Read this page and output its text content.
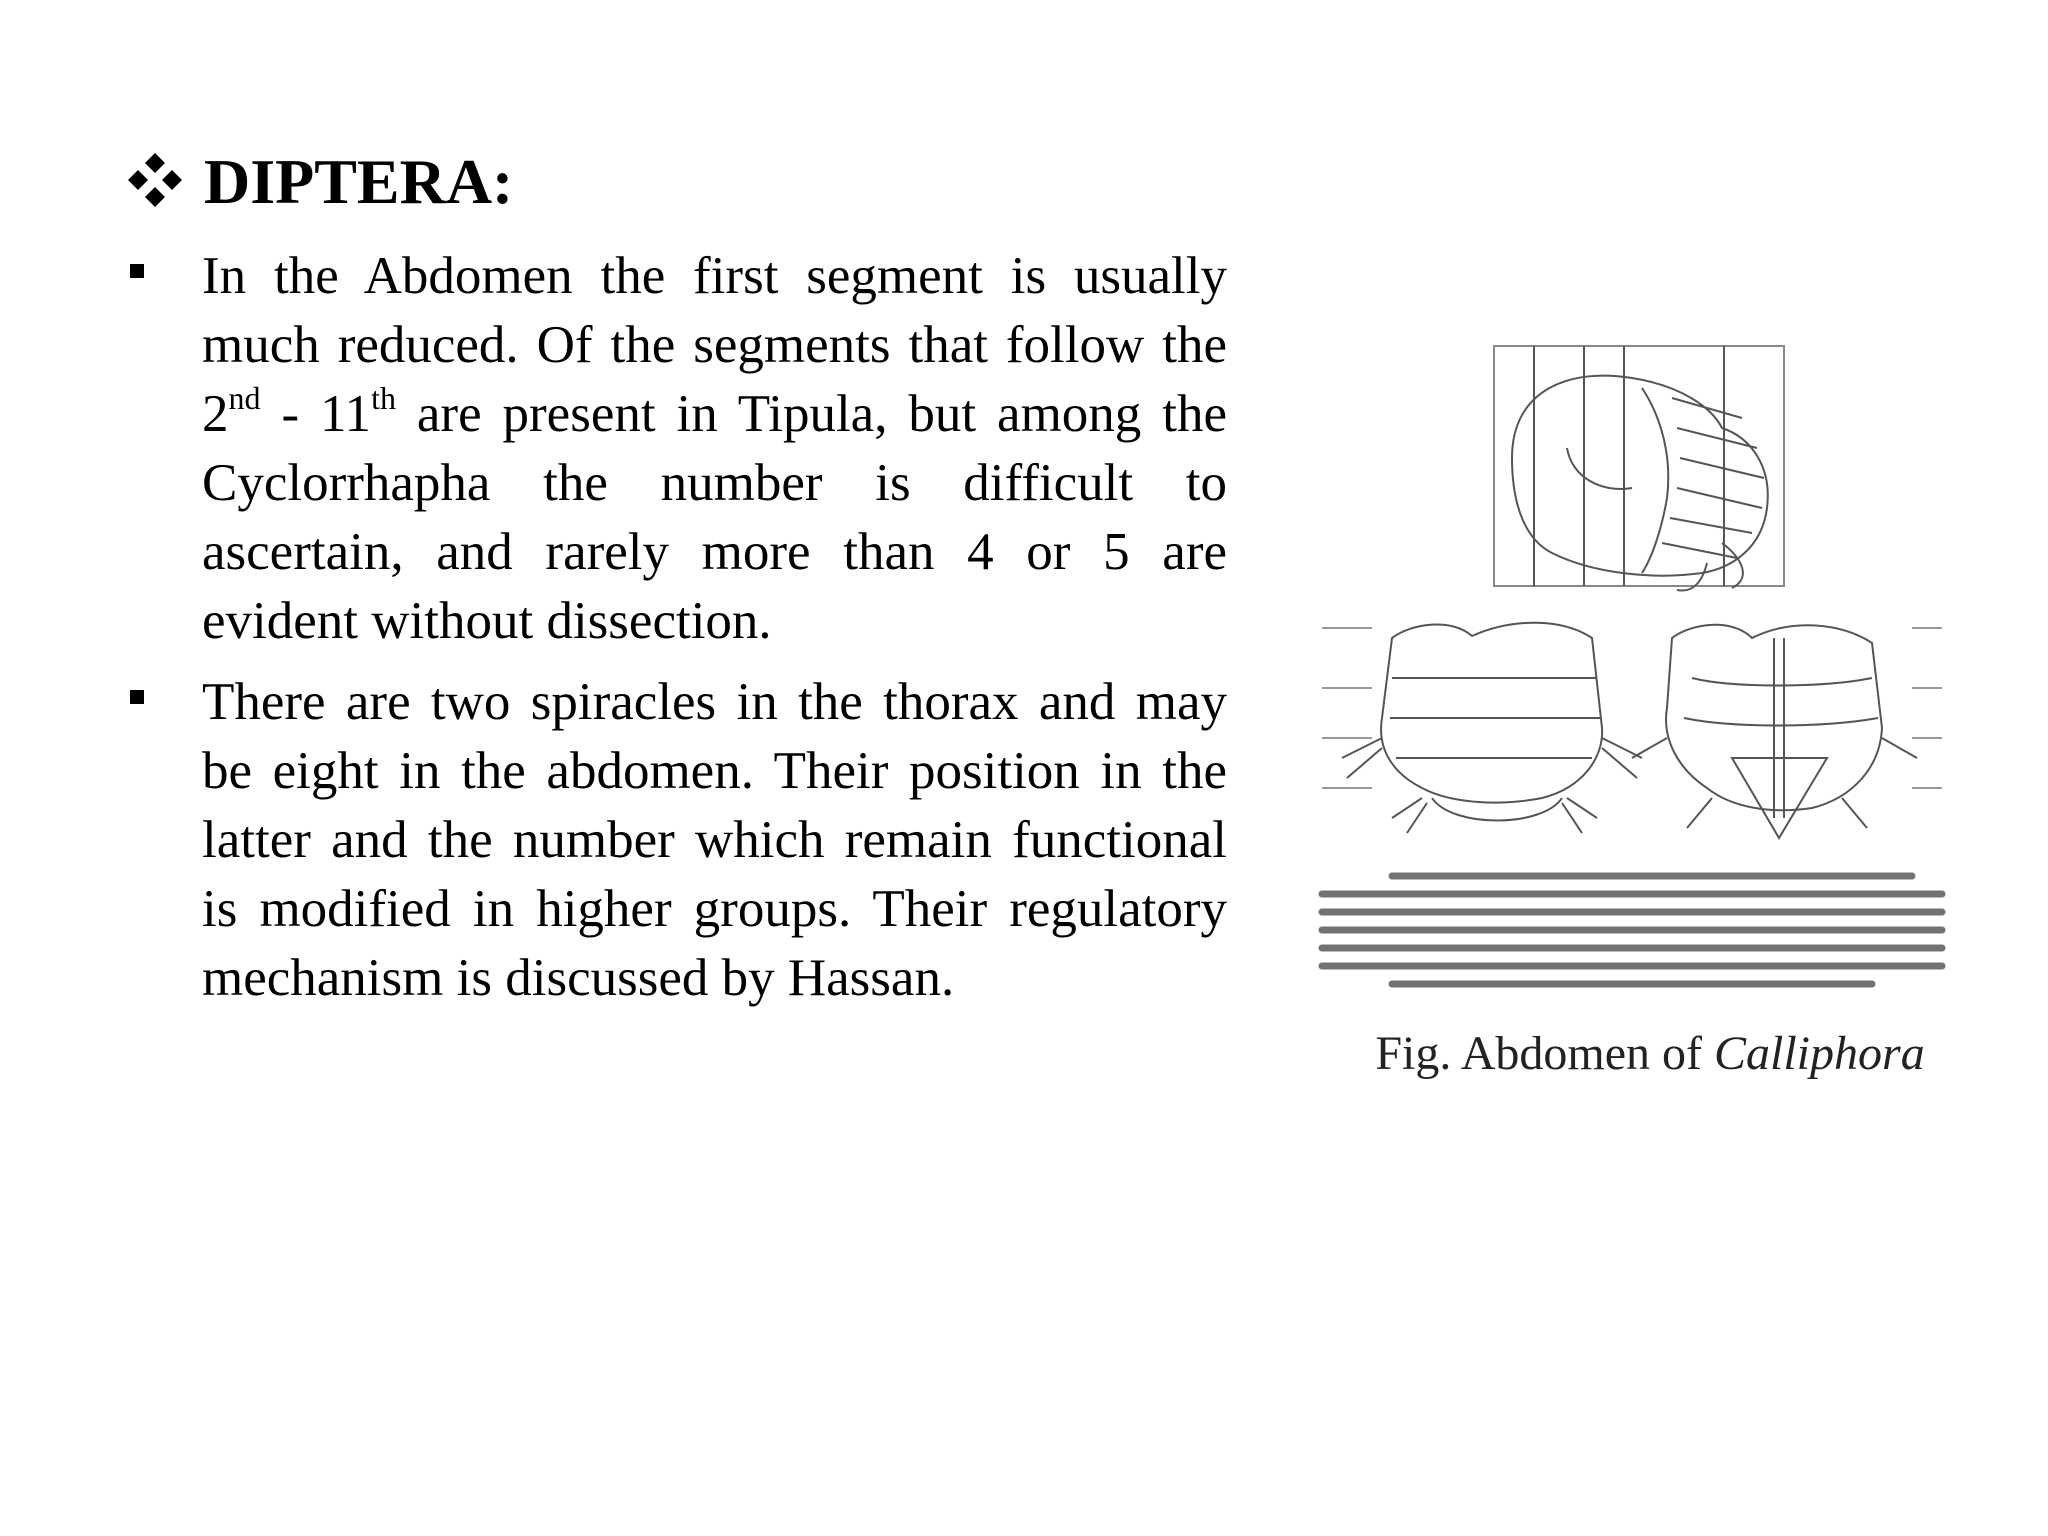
DIPTERA:
In the Abdomen the first segment is usually much reduced. Of the segments that follow the 2nd - 11th are present in Tipula, but among the Cyclorrhapha the number is difficult to ascertain, and rarely more than 4 or 5 are evident without dissection.
There are two spiracles in the thorax and may be eight in the abdomen. Their position in the latter and the number which remain functional is modified in higher groups. Their regulatory mechanism is discussed by Hassan.
Fig. Abdomen of Calliphora
